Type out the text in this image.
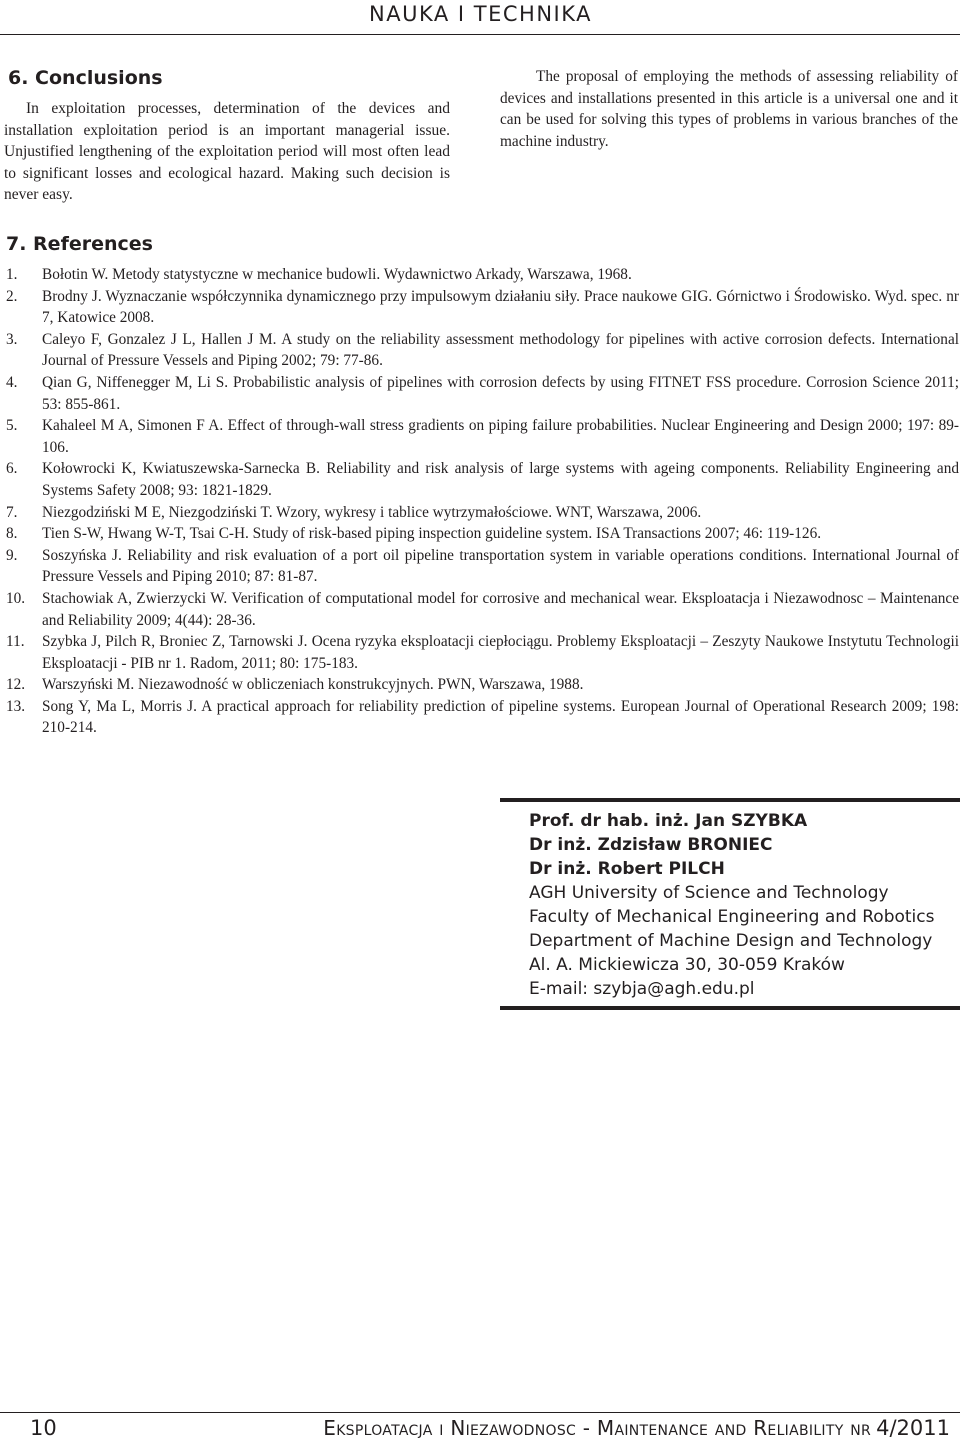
NAUKA I TECHNIKA
6. Conclusions

In exploitation processes, determination of the devices and installation exploitation period is an important managerial issue. Unjustified lengthening of the exploitation period will most often lead to significant losses and ecological hazard. Making such decision is never easy.

The proposal of employing the methods of assessing reliability of devices and installations presented in this article is a universal one and it can be used for solving this types of problems in various branches of the machine industry.

7. References
1.	Bołotin W. Metody statystyczne w mechanice budowli. Wydawnictwo Arkady, Warszawa, 1968.
2.	Brodny J. Wyznaczanie współczynnika dynamicznego przy impulsowym działaniu siły. Prace naukowe GIG. Górnictwo i Środowisko. Wyd. spec. nr 7, Katowice 2008.
3.	Caleyo F, Gonzalez J L, Hallen J M. A study on the reliability assessment methodology for pipelines with active corrosion defects. International Journal of Pressure Vessels and Piping 2002; 79: 77-86.
4.	Qian G, Niffenegger M, Li S. Probabilistic analysis of pipelines with corrosion defects by using FITNET FSS procedure. Corrosion Science 2011; 53: 855-861.
5.	Kahaleel M A, Simonen F A. Effect of through-wall stress gradients on piping failure probabilities. Nuclear Engineering and Design 2000; 197: 89-106.
6.	Kołowrocki K, Kwiatuszewska-Sarnecka B. Reliability and risk analysis of large systems with ageing components. Reliability Engineering and Systems Safety 2008; 93: 1821-1829.
7.	Niezgodziński M E, Niezgodziński T. Wzory, wykresy i tablice wytrzymałościowe. WNT, Warszawa, 2006.
8.	Tien S-W, Hwang W-T, Tsai C-H. Study of risk-based piping inspection guideline system. ISA Transactions 2007; 46: 119-126.
9.	Soszyńska J. Reliability and risk evaluation of a port oil pipeline transportation system in variable operations conditions. International Journal of Pressure Vessels and Piping 2010; 87: 81-87.
10.	Stachowiak A, Zwierzycki W. Verification of computational model for corrosive and mechanical wear. Eksploatacja i Niezawodnosc – Maintenance and Reliability 2009; 4(44): 28-36.
11.	Szybka J, Pilch R, Broniec Z, Tarnowski J. Ocena ryzyka eksploatacji ciepłociągu. Problemy Eksploatacji – Zeszyty Naukowe Instytutu Technologii Eksploatacji - PIB nr 1. Radom, 2011; 80: 175-183.
12.	Warszyński M. Niezawodność w obliczeniach konstrukcyjnych. PWN, Warszawa, 1988.
13.	Song Y, Ma L, Morris J. A practical approach for reliability prediction of pipeline systems. European Journal of Operational Research 2009; 198: 210-214.
Prof. dr hab. inż. Jan SZYBKA
Dr inż. Zdzisław BRONIEC
Dr inż. Robert PILCH
AGH University of Science and Technology
Faculty of Mechanical Engineering and Robotics
Department of Machine Design and Technology
Al. A. Mickiewicza 30, 30-059 Kraków
E-mail: szybja@agh.edu.pl
10	Eksploatacja i Niezawodnosc - Maintenance and Reliability nr 4/2011
